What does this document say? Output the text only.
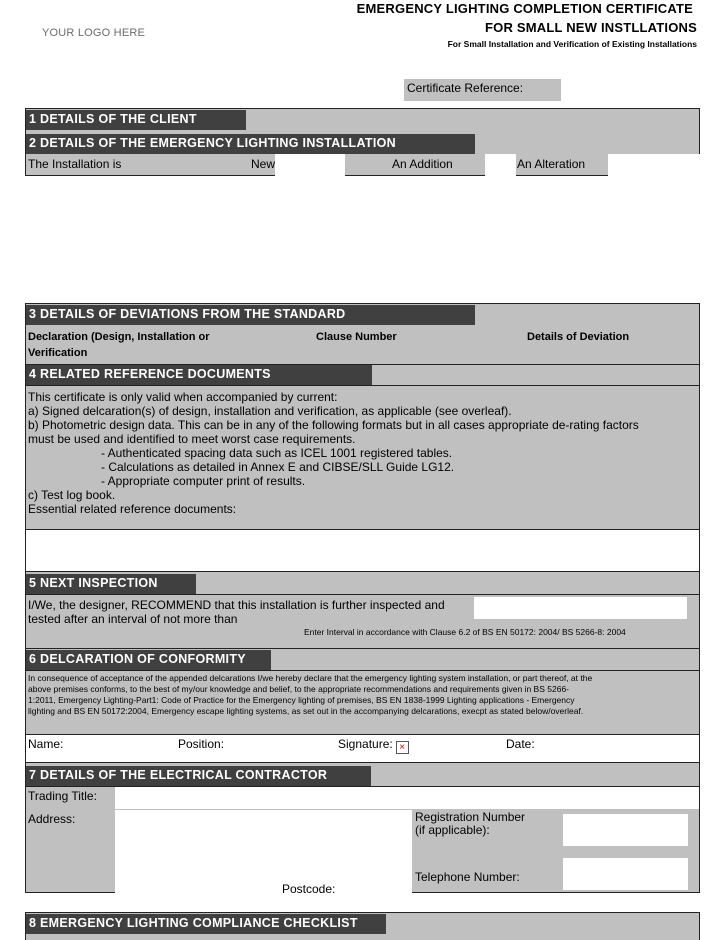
YOUR LOGO HERE
EMERGENCY LIGHTING COMPLETION CERTIFICATE
FOR SMALL NEW INSTLLATIONS
For Small Installation and Verification of Existing Installations
Certificate Reference:
1 DETAILS OF THE CLIENT
2 DETAILS OF THE EMERGENCY LIGHTING INSTALLATION
The Installation is	New	An Addition	An Alteration
3 DETAILS OF DEVIATIONS FROM THE STANDARD
Declaration (Design, Installation or
Verification
Clause Number	Details of Deviation
4 RELATED REFERENCE DOCUMENTS
This certificate is only valid when accompanied by current:
a) Signed delcaration(s) of design, installation and verification, as applicable (see overleaf).
b) Photometric design data. This can be in any of the following formats but in all cases appropriate de-rating factors
must be used and identified to meet worst case requirements.
- Authenticated spacing data such as ICEL 1001 registered tables.
- Calculations as detailed in Annex E and CIBSE/SLL Guide LG12.
- Appropriate computer print of results.
c) Test log book.
Essential related reference documents:
5 NEXT INSPECTION
I/We, the designer, RECOMMEND that this installation is further inspected and
tested after an interval of not more than
Enter Interval in accordance with Clause 6.2 of BS EN 50172: 2004/ BS 5266-8: 2004
6 DELCARATION OF CONFORMITY
In consequence of acceptance of the appended delcarations I/we hereby declare that the emergency lighting system installation, or part thereof, at the
above premises conforms, to the best of my/our knowledge and belief, to the appropriate recommendations and requirements given in BS 5266-
1:2011, Emergency Lighting-Part1: Code of Practice for the Emergency lighting of premises, BS EN 1838-1999 Lighting applications - Emergency
lighting and BS EN 50172:2004, Emergency escape lighting systems, as set out in the accompanying delcarations, execpt as stated below/overleaf.
Name:	Position:	Signature: ×	Date:
7 DETAILS OF THE ELECTRICAL CONTRACTOR
Trading Title:
Address:
Postcode:
Registration Number
(if applicable):
Telephone Number:
8 EMERGENCY LIGHTING COMPLIANCE CHECKLIST
